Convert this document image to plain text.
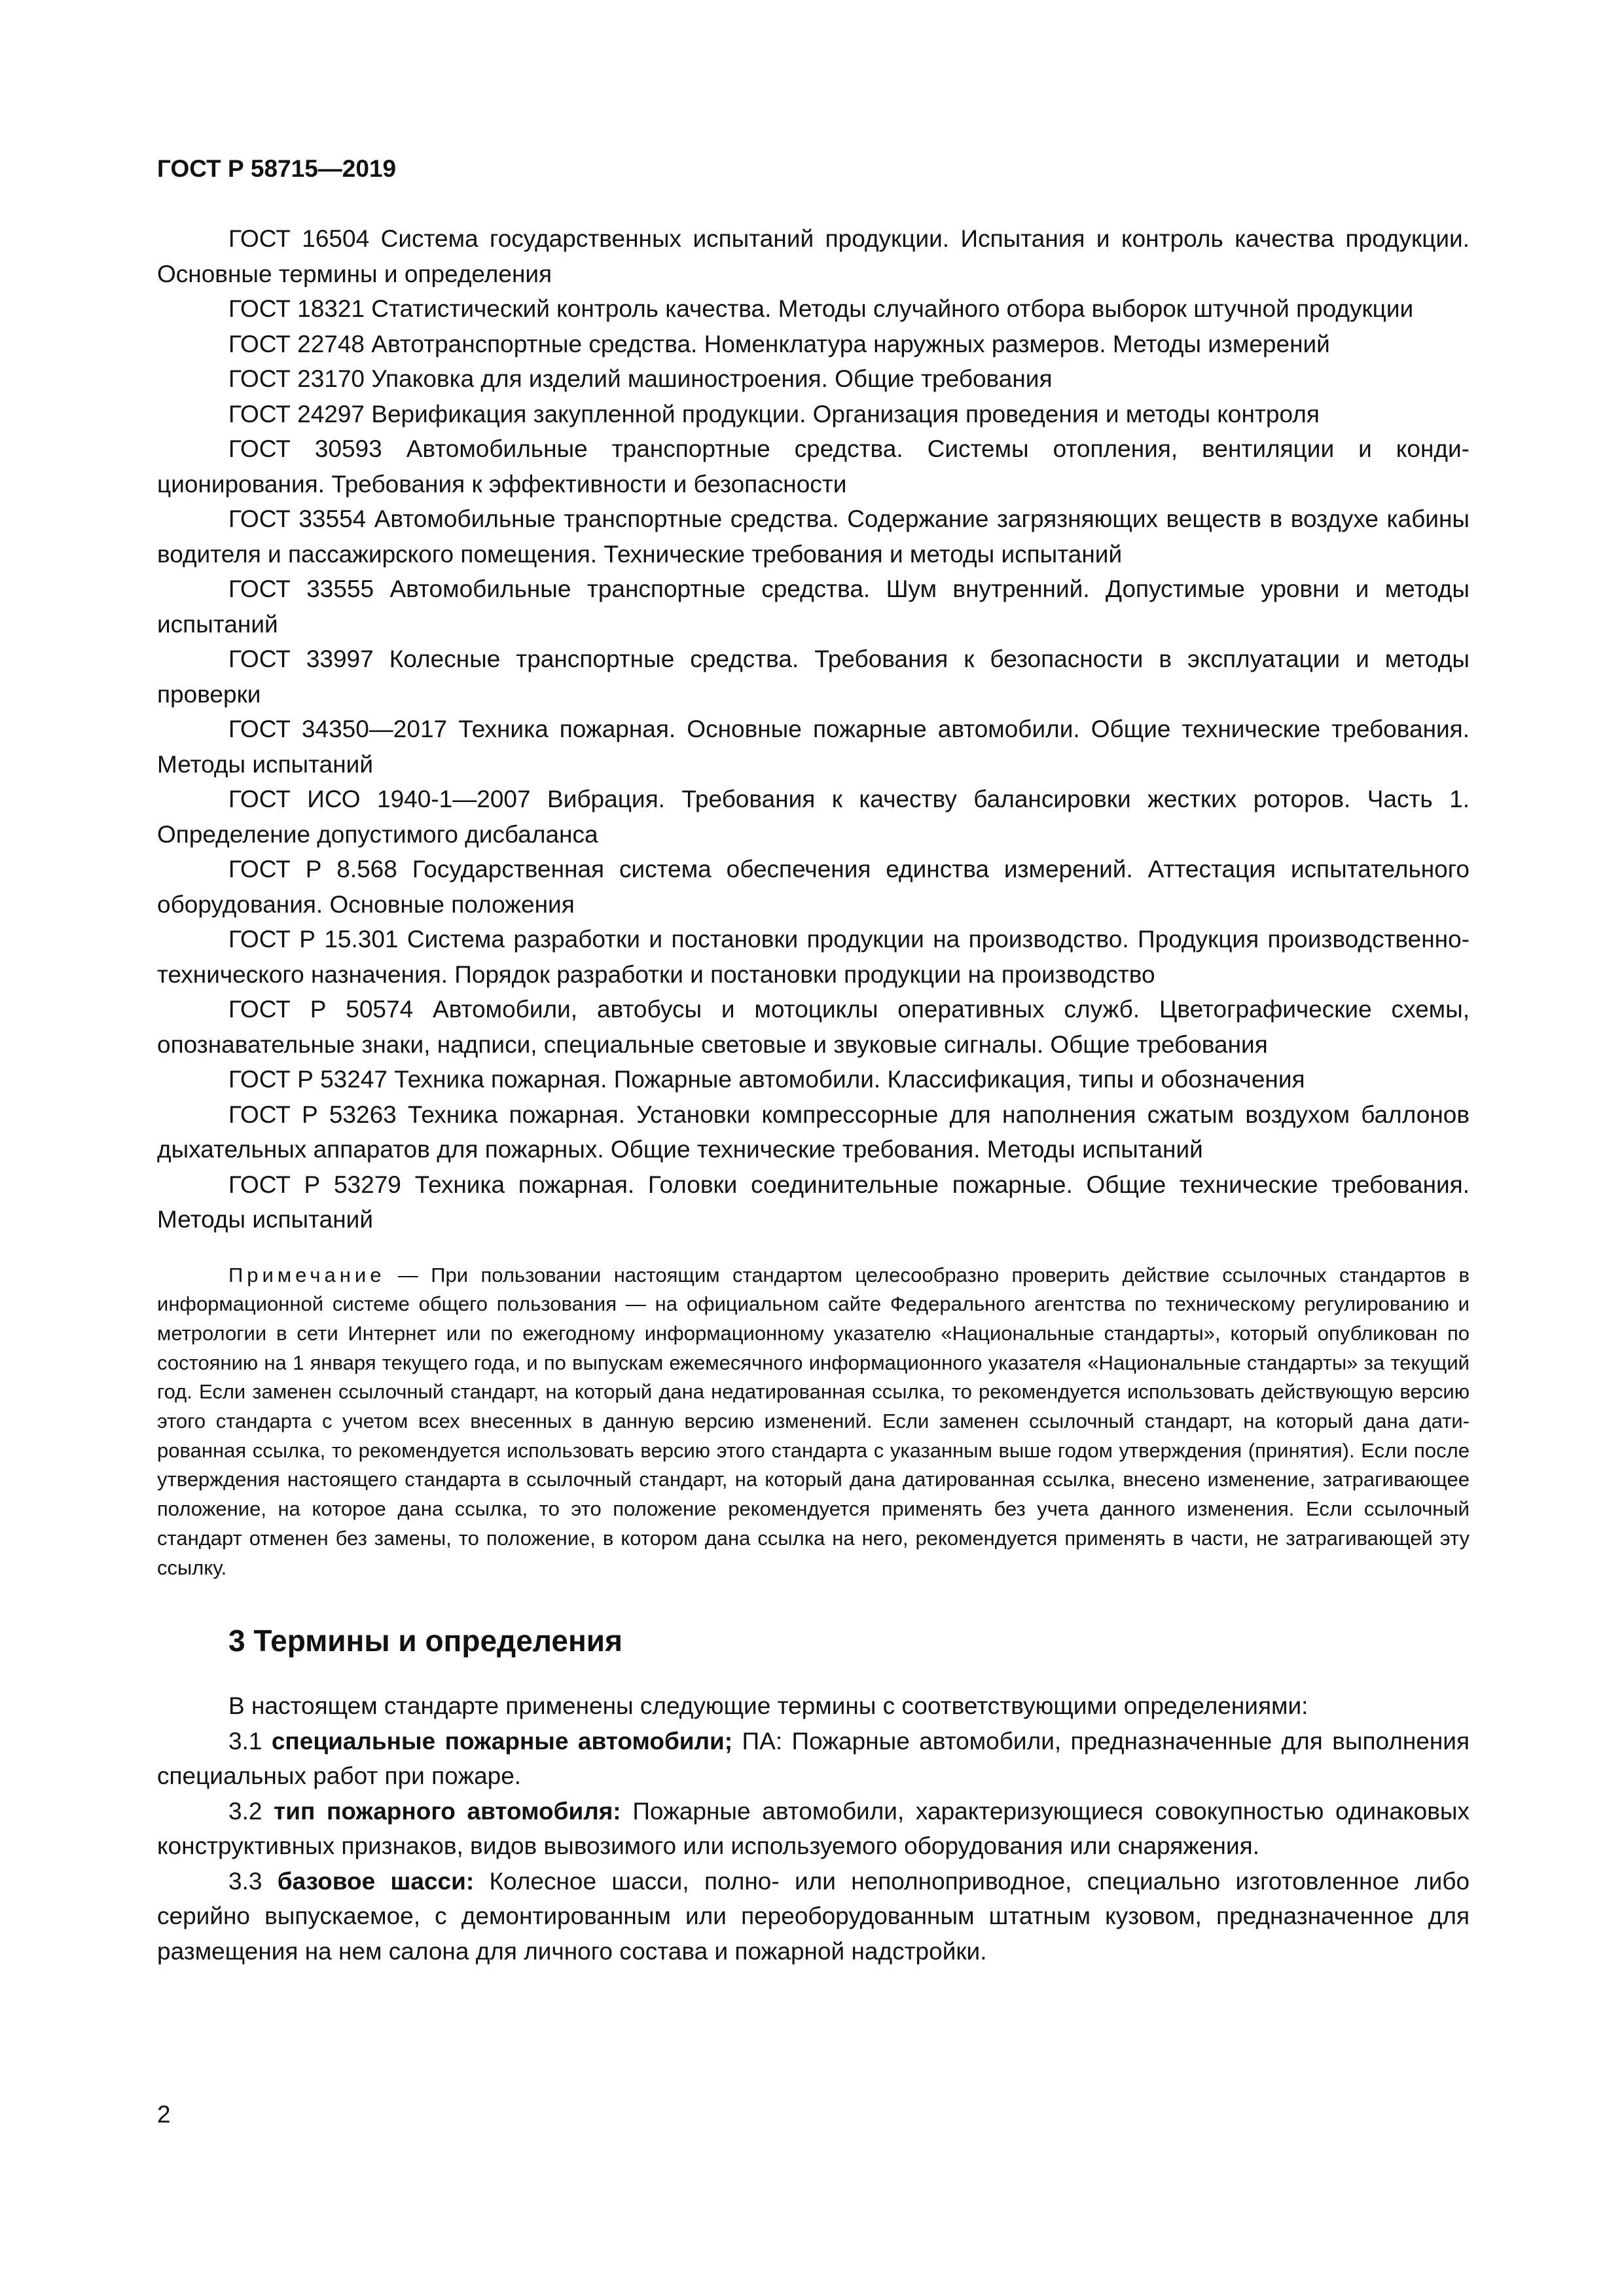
ГОСТ Р 58715—2019

ГОСТ 16504 Система государственных испытаний продукции. Испытания и контроль качества продукции. Основные термины и определения

ГОСТ 18321 Статистический контроль качества. Методы случайного отбора выборок штучной продукции

ГОСТ 22748 Автотранспортные средства. Номенклатура наружных размеров. Методы измерений

ГОСТ 23170 Упаковка для изделий машиностроения. Общие требования

ГОСТ 24297 Верификация закупленной продукции. Организация проведения и методы контроля

ГОСТ 30593 Автомобильные транспортные средства. Системы отопления, вентиляции и кондиционирования. Требования к эффективности и безопасности

ГОСТ 33554 Автомобильные транспортные средства. Содержание загрязняющих веществ в воздухе кабины водителя и пассажирского помещения. Технические требования и методы испытаний

ГОСТ 33555 Автомобильные транспортные средства. Шум внутренний. Допустимые уровни и методы испытаний

ГОСТ 33997 Колесные транспортные средства. Требования к безопасности в эксплуатации и методы проверки

ГОСТ 34350—2017 Техника пожарная. Основные пожарные автомобили. Общие технические требования. Методы испытаний

ГОСТ ИСО 1940-1—2007 Вибрация. Требования к качеству балансировки жестких роторов. Часть 1. Определение допустимого дисбаланса

ГОСТ Р 8.568 Государственная система обеспечения единства измерений. Аттестация испытательного оборудования. Основные положения

ГОСТ Р 15.301 Система разработки и постановки продукции на производство. Продукция производственно-технического назначения. Порядок разработки и постановки продукции на производство

ГОСТ Р 50574 Автомобили, автобусы и мотоциклы оперативных служб. Цветографические схемы, опознавательные знаки, надписи, специальные световые и звуковые сигналы. Общие требования

ГОСТ Р 53247 Техника пожарная. Пожарные автомобили. Классификация, типы и обозначения

ГОСТ Р 53263 Техника пожарная. Установки компрессорные для наполнения сжатым воздухом баллонов дыхательных аппаратов для пожарных. Общие технические требования. Методы испытаний

ГОСТ Р 53279 Техника пожарная. Головки соединительные пожарные. Общие технические требования. Методы испытаний

Примечание — При пользовании настоящим стандартом целесообразно проверить действие ссылочных стандартов в информационной системе общего пользования — на официальном сайте Федерального агентства по техническому регулированию и метрологии в сети Интернет или по ежегодному информационному указателю «Национальные стандарты», который опубликован по состоянию на 1 января текущего года, и по выпускам ежемесячного информационного указателя «Национальные стандарты» за текущий год. Если заменен ссылочный стандарт, на который дана недатированная ссылка, то рекомендуется использовать действующую версию этого стандарта с учетом всех внесенных в данную версию изменений. Если заменен ссылочный стандарт, на который дана датированная ссылка, то рекомендуется использовать версию этого стандарта с указанным выше годом утверждения (принятия). Если после утверждения настоящего стандарта в ссылочный стандарт, на который дана датированная ссылка, внесено изменение, затрагивающее положение, на которое дана ссылка, то это положение рекомендуется применять без учета данного изменения. Если ссылочный стандарт отменен без замены, то положение, в котором дана ссылка на него, рекомендуется применять в части, не затрагивающей эту ссылку.

3 Термины и определения

В настоящем стандарте применены следующие термины с соответствующими определениями:

3.1 специальные пожарные автомобили; ПА: Пожарные автомобили, предназначенные для выполнения специальных работ при пожаре.

3.2 тип пожарного автомобиля: Пожарные автомобили, характеризующиеся совокупностью одинаковых конструктивных признаков, видов вывозимого или используемого оборудования или снаряжения.

3.3 базовое шасси: Колесное шасси, полно- или неполноприводное, специально изготовленное либо серийно выпускаемое, с демонтированным или переоборудованным штатным кузовом, предназначенное для размещения на нем салона для личного состава и пожарной надстройки.

2
